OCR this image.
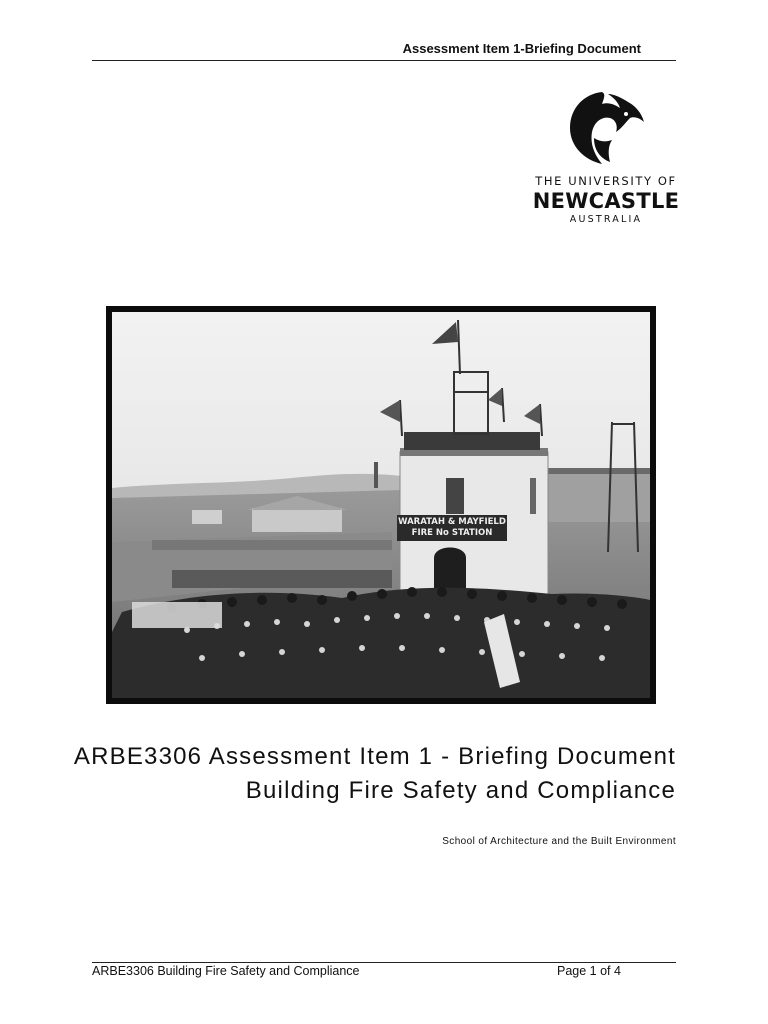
Assessment Item 1-Briefing Document
THE UNIVERSITY OF
NEWCASTLE
AUSTRALIA
WARATAH & MAYFIELD
FIRE No STATION
ARBE3306 Assessment Item 1 - Briefing Document
Building Fire Safety and Compliance
School of Architecture and the Built Environment
ARBE3306 Building Fire Safety and Compliance	Page 1 of 4
